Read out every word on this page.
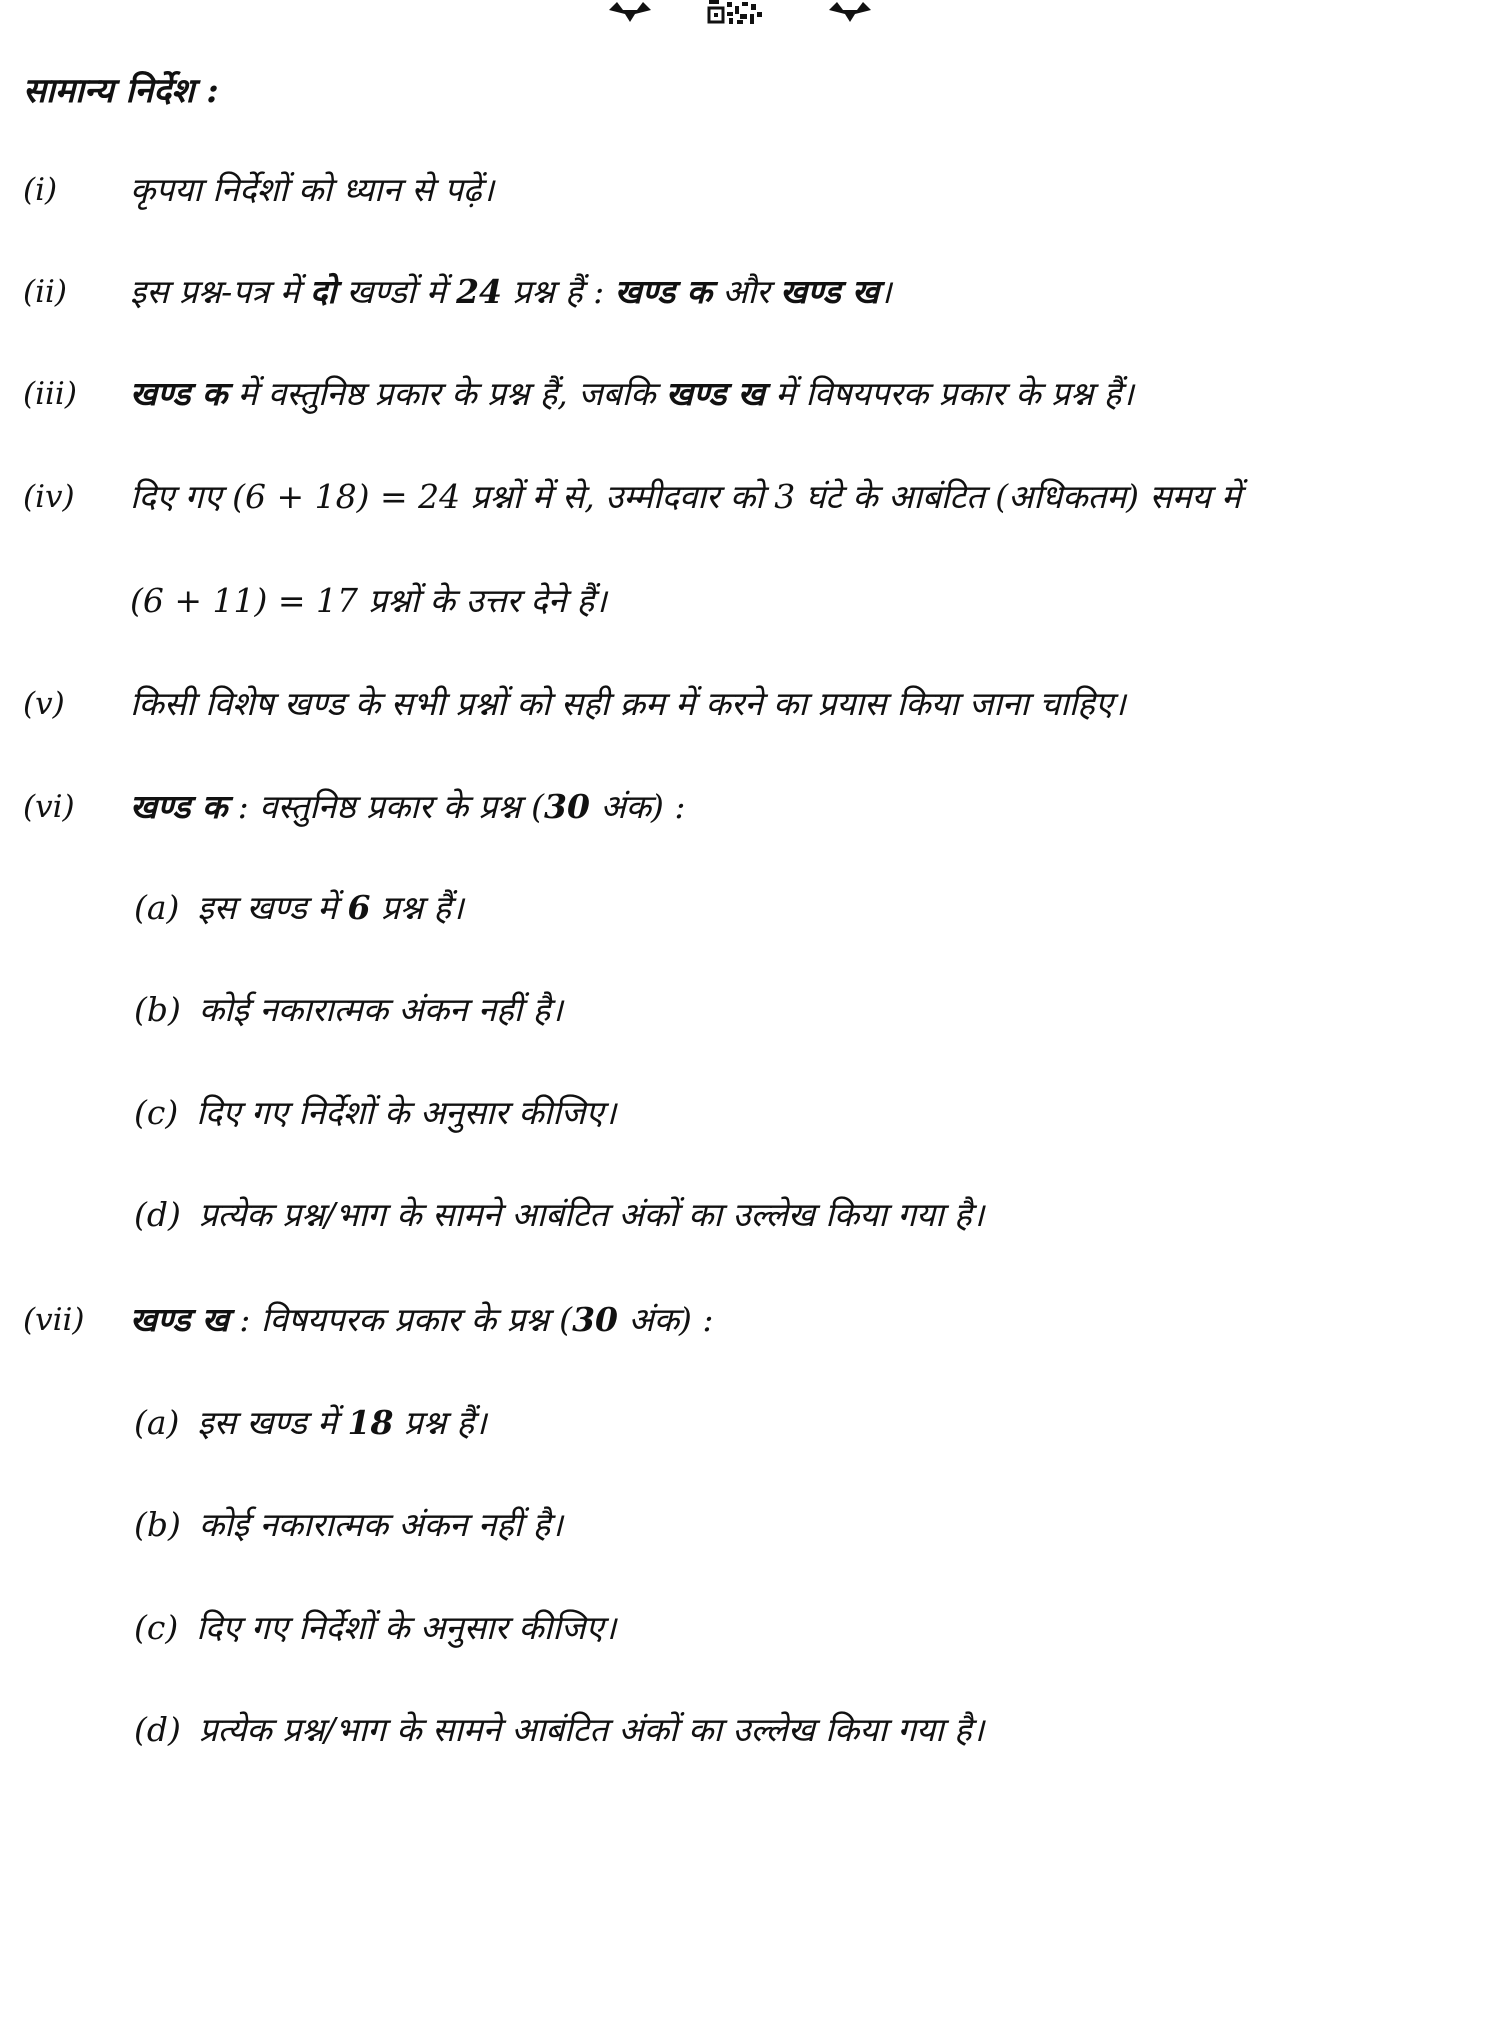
सामान्य निर्देश :
(i) कृपया निर्देशों को ध्यान से पढ़ें।
(ii) इस प्रश्न-पत्र में दो खण्डों में 24 प्रश्न हैं : खण्ड क और खण्ड ख।
(iii) खण्ड क में वस्तुनिष्ठ प्रकार के प्रश्न हैं, जबकि खण्ड ख में विषयपरक प्रकार के प्रश्न हैं।
(iv) दिए गए (6 + 18) = 24 प्रश्नों में से, उम्मीदवार को 3 घंटे के आबंटित (अधिकतम) समय में
(6 + 11) = 17 प्रश्नों के उत्तर देने हैं।
(v) किसी विशेष खण्ड के सभी प्रश्नों को सही क्रम में करने का प्रयास किया जाना चाहिए।
(vi) खण्ड क : वस्तुनिष्ठ प्रकार के प्रश्न (30 अंक) :
(a) इस खण्ड में 6 प्रश्न हैं।
(b) कोई नकारात्मक अंकन नहीं है।
(c) दिए गए निर्देशों के अनुसार कीजिए।
(d) प्रत्येक प्रश्न/भाग के सामने आबंटित अंकों का उल्लेख किया गया है।
(vii) खण्ड ख : विषयपरक प्रकार के प्रश्न (30 अंक) :
(a) इस खण्ड में 18 प्रश्न हैं।
(b) कोई नकारात्मक अंकन नहीं है।
(c) दिए गए निर्देशों के अनुसार कीजिए।
(d) प्रत्येक प्रश्न/भाग के सामने आबंटित अंकों का उल्लेख किया गया है।
